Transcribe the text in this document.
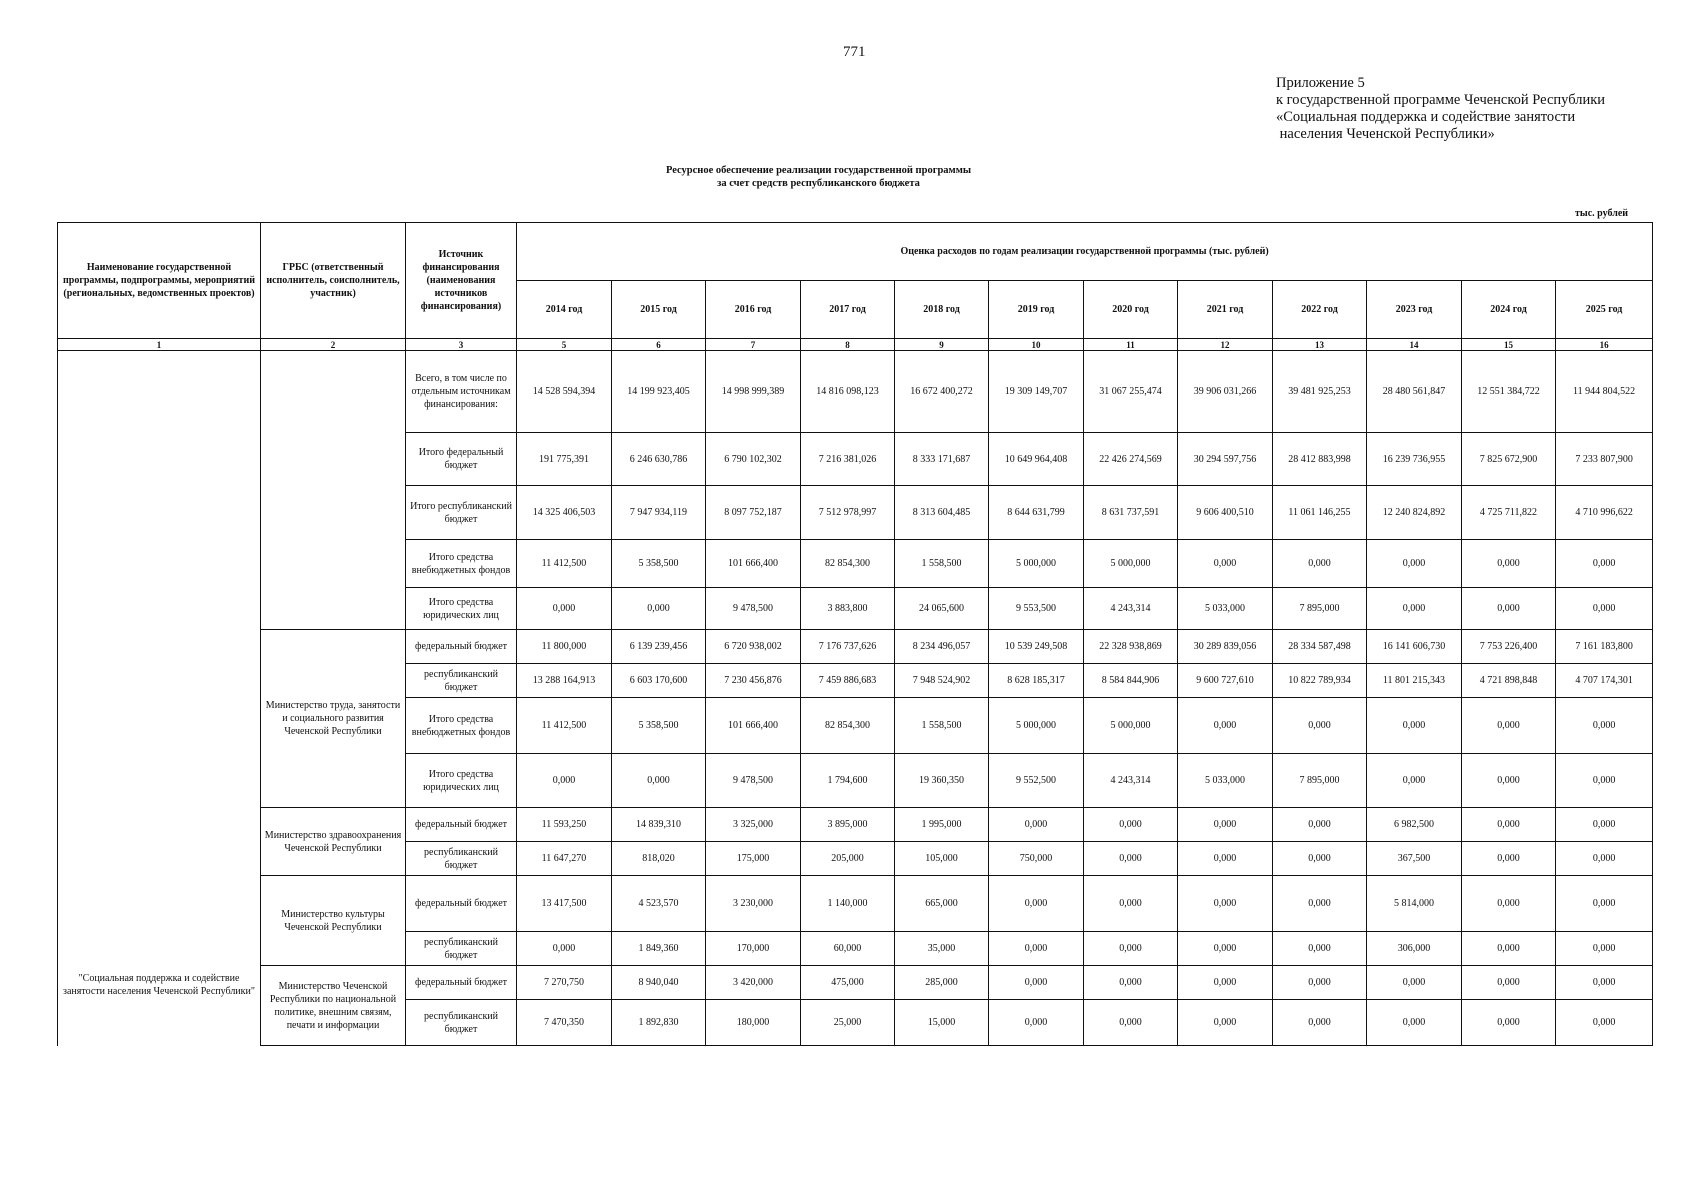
771
Приложение 5
к государственной программе Чеченской Республики
«Социальная поддержка и содействие занятости
населения Чеченской Республики»
Ресурсное обеспечение реализации государственной программы
за счет средств республиканского бюджета
тыс. рублей
Наименование государственной программы, подпрограммы, мероприятий (региональных, ведомственных проектов)	ГРБС (ответственный исполнитель, соисполнитель, участник)	Источник финансирования (наименования источников финансирования)	Оценка расходов по годам реализации государственной программы (тыс. рублей)											
			2014 год	2015 год	2016 год	2017 год	2018 год	2019 год	2020 год	2021 год	2022 год	2023 год	2024 год	2025 год
1	2	3	5	6	7	8	9	10	11	12	13	14	15	16
"Социальная поддержка и содействие занятости населения Чеченской Республики"		Всего, в том числе по отдельным источникам финансирования:	14 528 594,394	14 199 923,405	14 998 999,389	14 816 098,123	16 672 400,272	19 309 149,707	31 067 255,474	39 906 031,266	39 481 925,253	28 480 561,847	12 551 384,722	11 944 804,522
		Итого федеральный бюджет	191 775,391	6 246 630,786	6 790 102,302	7 216 381,026	8 333 171,687	10 649 964,408	22 426 274,569	30 294 597,756	28 412 883,998	16 239 736,955	7 825 672,900	7 233 807,900
		Итого республиканский бюджет	14 325 406,503	7 947 934,119	8 097 752,187	7 512 978,997	8 313 604,485	8 644 631,799	8 631 737,591	9 606 400,510	11 061 146,255	12 240 824,892	4 725 711,822	4 710 996,622
		Итого средства внебюджетных фондов	11 412,500	5 358,500	101 666,400	82 854,300	1 558,500	5 000,000	5 000,000	0,000	0,000	0,000	0,000	0,000
		Итого средства юридических лиц	0,000	0,000	9 478,500	3 883,800	24 065,600	9 553,500	4 243,314	5 033,000	7 895,000	0,000	0,000	0,000
	Министерство труда, занятости и социального развития Чеченской Республики	федеральный бюджет	11 800,000	6 139 239,456	6 720 938,002	7 176 737,626	8 234 496,057	10 539 249,508	22 328 938,869	30 289 839,056	28 334 587,498	16 141 606,730	7 753 226,400	7 161 183,800
		республиканский бюджет	13 288 164,913	6 603 170,600	7 230 456,876	7 459 886,683	7 948 524,902	8 628 185,317	8 584 844,906	9 600 727,610	10 822 789,934	11 801 215,343	4 721 898,848	4 707 174,301
		Итого средства внебюджетных фондов	11 412,500	5 358,500	101 666,400	82 854,300	1 558,500	5 000,000	5 000,000	0,000	0,000	0,000	0,000	0,000
		Итого средства юридических лиц	0,000	0,000	9 478,500	1 794,600	19 360,350	9 552,500	4 243,314	5 033,000	7 895,000	0,000	0,000	0,000
	Министерство здравоохранения Чеченской Республики	федеральный бюджет	11 593,250	14 839,310	3 325,000	3 895,000	1 995,000	0,000	0,000	0,000	0,000	6 982,500	0,000	0,000
		республиканский бюджет	11 647,270	818,020	175,000	205,000	105,000	750,000	0,000	0,000	0,000	367,500	0,000	0,000
	Министерство культуры Чеченской Республики	федеральный бюджет	13 417,500	4 523,570	3 230,000	1 140,000	665,000	0,000	0,000	0,000	0,000	5 814,000	0,000	0,000
		республиканский бюджет	0,000	1 849,360	170,000	60,000	35,000	0,000	0,000	0,000	0,000	306,000	0,000	0,000
	Министерство Чеченской Республики по национальной политике, внешним связям, печати и информации	федеральный бюджет	7 270,750	8 940,040	3 420,000	475,000	285,000	0,000	0,000	0,000	0,000	0,000	0,000	0,000
		республиканский бюджет	7 470,350	1 892,830	180,000	25,000	15,000	0,000	0,000	0,000	0,000	0,000	0,000	0,000
